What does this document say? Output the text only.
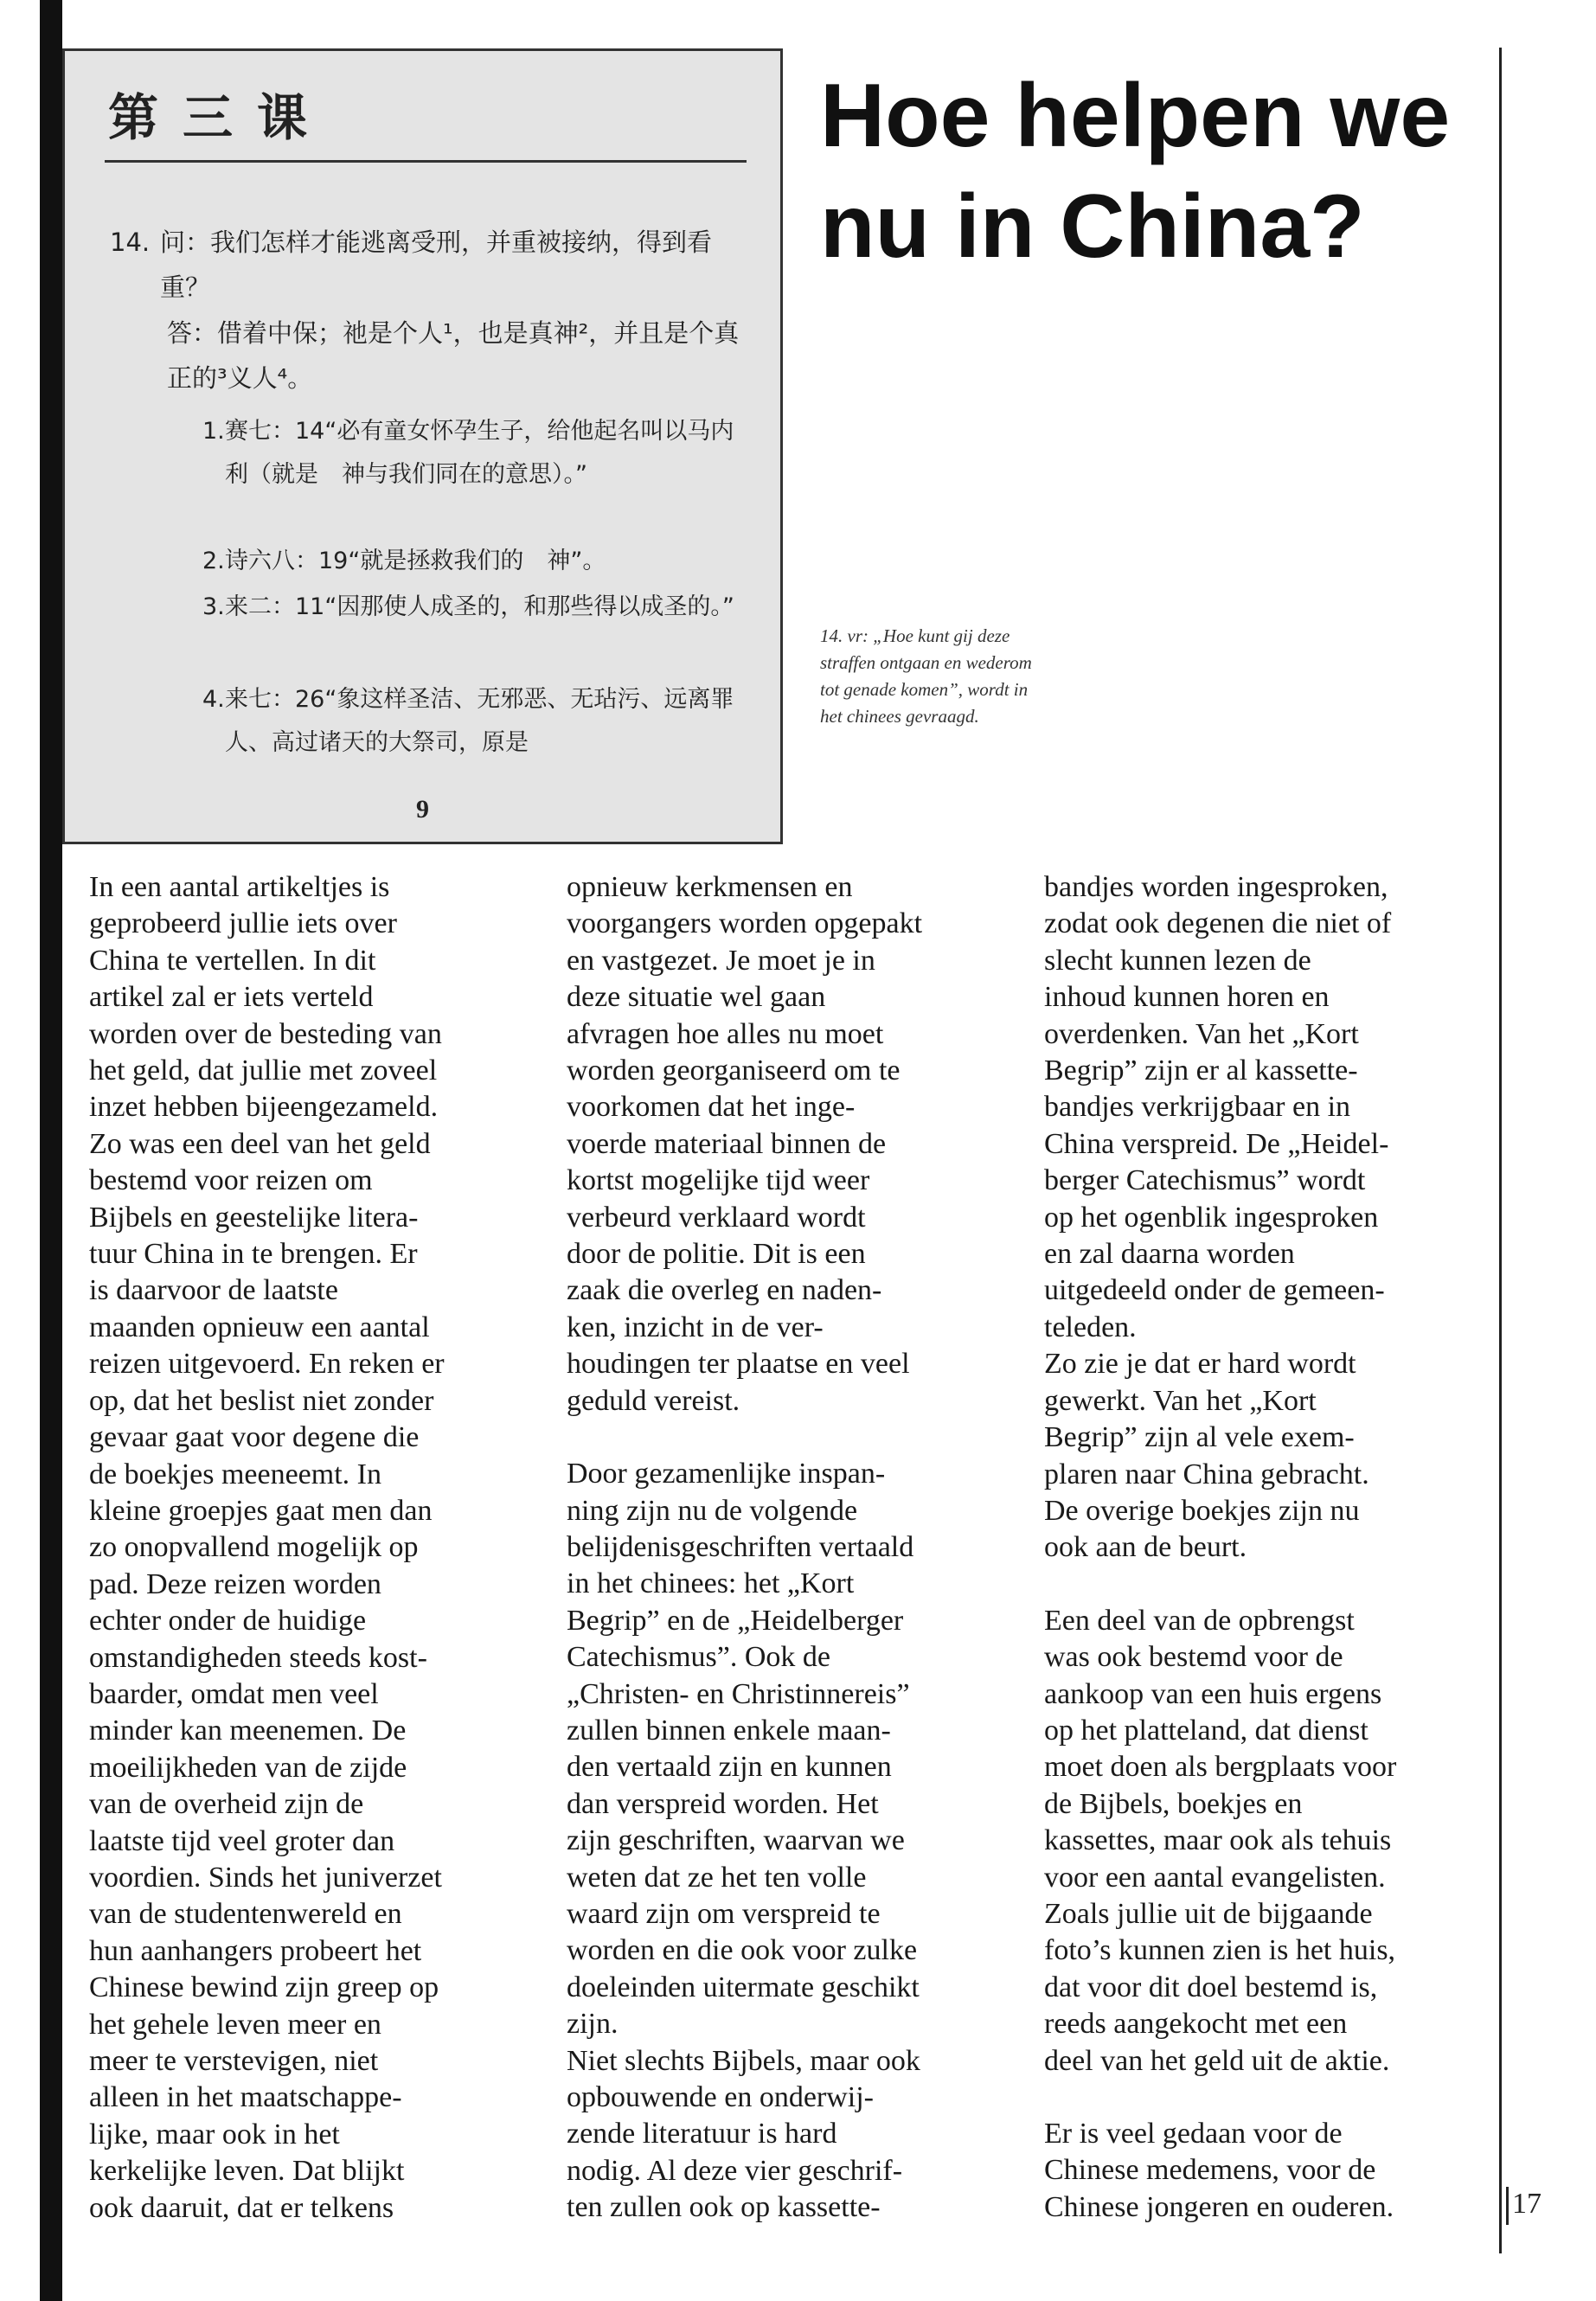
第三课
14. 问：我们怎样才能逃离受刑，并重被接纳，得到看重？
答：借着中保；祂是个人¹，也是真神²，并且是个真正的³义人⁴。
1. 赛七：14“必有童女怀孕生子，给他起名叫以马内利（就是　神与我们同在的意思）。”
2. 诗六八：19“就是拯救我们的　神”。
3. 来二：11“因那使人成圣的，和那些得以成圣的。”
4. 来七：26“象这样圣洁、无邪恶、无玷污、远离罪人、高过诸天的大祭司，原是
9
Hoe helpen we nu in China?
14. vr: „Hoe kunt gij deze straffen ontgaan en wederom tot genade komen”, wordt in het chinees gevraagd.

In een aantal artikeltjes is
geprobeerd jullie iets over
China te vertellen. In dit
artikel zal er iets verteld
worden over de besteding van
het geld, dat jullie met zoveel
inzet hebben bijeengezameld.
Zo was een deel van het geld
bestemd voor reizen om
Bijbels en geestelijke litera-
tuur China in te brengen. Er
is daarvoor de laatste
maanden opnieuw een aantal
reizen uitgevoerd. En reken er
op, dat het beslist niet zonder
gevaar gaat voor degene die
de boekjes meeneemt. In
kleine groepjes gaat men dan
zo onopvallend mogelijk op
pad. Deze reizen worden
echter onder de huidige
omstandigheden steeds kost-
baarder, omdat men veel
minder kan meenemen. De
moeilijkheden van de zijde
van de overheid zijn de
laatste tijd veel groter dan
voordien. Sinds het juniverzet
van de studentenwereld en
hun aanhangers probeert het
Chinese bewind zijn greep op
het gehele leven meer en
meer te verstevigen, niet
alleen in het maatschappe-
lijke, maar ook in het
kerkelijke leven. Dat blijkt
ook daaruit, dat er telkens

opnieuw kerkmensen en
voorgangers worden opgepakt
en vastgezet. Je moet je in
deze situatie wel gaan
afvragen hoe alles nu moet
worden georganiseerd om te
voorkomen dat het inge-
voerde materiaal binnen de
kortst mogelijke tijd weer
verbeurd verklaard wordt
door de politie. Dit is een
zaak die overleg en naden-
ken, inzicht in de ver-
houdingen ter plaatse en veel
geduld vereist.

Door gezamenlijke inspan-
ning zijn nu de volgende
belijdenisgeschriften vertaald
in het chinees: het „Kort
Begrip” en de „Heidelberger
Catechismus”. Ook de
„Christen- en Christinnereis”
zullen binnen enkele maan-
den vertaald zijn en kunnen
dan verspreid worden. Het
zijn geschriften, waarvan we
weten dat ze het ten volle
waard zijn om verspreid te
worden en die ook voor zulke
doeleinden uitermate geschikt
zijn.
Niet slechts Bijbels, maar ook
opbouwende en onderwij-
zende literatuur is hard
nodig. Al deze vier geschrif-
ten zullen ook op kassette-

bandjes worden ingesproken,
zodat ook degenen die niet of
slecht kunnen lezen de
inhoud kunnen horen en
overdenken. Van het „Kort
Begrip” zijn er al kassette-
bandjes verkrijgbaar en in
China verspreid. De „Heidel-
berger Catechismus” wordt
op het ogenblik ingesproken
en zal daarna worden
uitgedeeld onder de gemeen-
teleden.
Zo zie je dat er hard wordt
gewerkt. Van het „Kort
Begrip” zijn al vele exem-
plaren naar China gebracht.
De overige boekjes zijn nu
ook aan de beurt.

Een deel van de opbrengst
was ook bestemd voor de
aankoop van een huis ergens
op het platteland, dat dienst
moet doen als bergplaats voor
de Bijbels, boekjes en
kassettes, maar ook als tehuis
voor een aantal evangelisten.
Zoals jullie uit de bijgaande
foto’s kunnen zien is het huis,
dat voor dit doel bestemd is,
reeds aangekocht met een
deel van het geld uit de aktie.

Er is veel gedaan voor de
Chinese medemens, voor de
Chinese jongeren en ouderen.	17
